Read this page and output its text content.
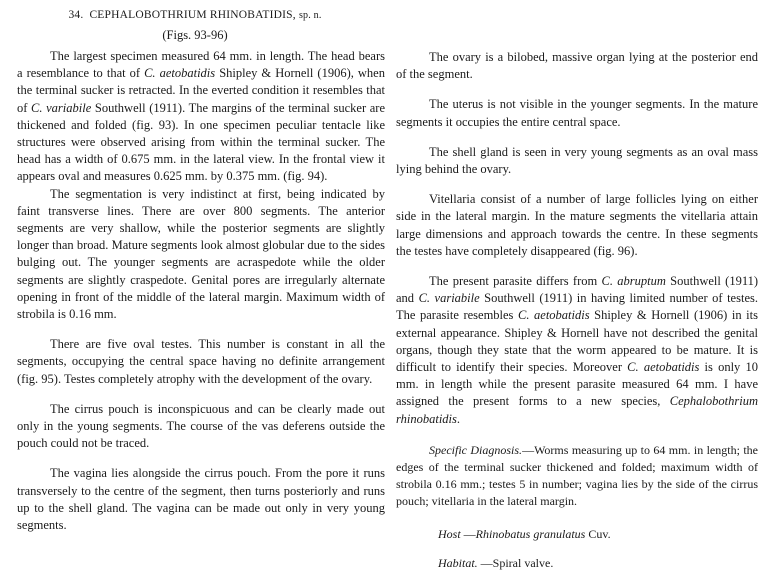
34. CEPHALOBOTHRIUM RHINOBATIDIS, sp. n.
(Figs. 93-96)

The largest specimen measured 64 mm. in length. The head bears a resemblance to that of C. aetobatidis Shipley & Hornell (1906), when the terminal sucker is retracted. In the everted condition it resembles that of C. variabile Southwell (1911). The margins of the terminal sucker are thickened and folded (fig. 93). In one specimen peculiar tentacle like structures were observed arising from within the terminal sucker. The head has a width of 0.675 mm. in the lateral view. In the frontal view it appears oval and measures 0.625 mm. by 0.375 mm. (fig. 94).

The segmentation is very indistinct at first, being indicated by faint transverse lines. There are over 800 segments. The anterior segments are very shallow, while the posterior segments are slightly longer than broad. Mature segments look almost globular due to the sides bulging out. The younger segments are acraspedote while the older segments are slightly craspedote. Genital pores are irregularly alternate opening in front of the middle of the lateral margin. Maximum width of strobila is 0.16 mm.

There are five oval testes. This number is constant in all the segments, occupying the central space having no definite arrangement (fig. 95). Testes completely atrophy with the development of the ovary.

The cirrus pouch is inconspicuous and can be clearly made out only in the young segments. The course of the vas deferens outside the pouch could not be traced.

The vagina lies alongside the cirrus pouch. From the pore it runs transversely to the centre of the segment, then turns posteriorly and runs up to the shell gland. The vagina can be made out only in very young segments.

The ovary is a bilobed, massive organ lying at the posterior end of the segment.

The uterus is not visible in the younger segments. In the mature segments it occupies the entire central space.

The shell gland is seen in very young segments as an oval mass lying behind the ovary.

Vitellaria consist of a number of large follicles lying on either side in the lateral margin. In the mature segments the vitellaria attain large dimensions and approach towards the centre. In these segments the testes have completely disappeared (fig. 96).

The present parasite differs from C. abruptum Southwell (1911) and C. variabile Southwell (1911) in having limited number of testes. The parasite resembles C. aetobatidis Shipley & Hornell (1906) in its external appearance. Shipley & Hornell have not described the genital organs, though they state that the worm appeared to be mature. It is difficult to identify their species. Moreover C. aetobatidis is only 10 mm. in length while the present parasite measured 64 mm. I have assigned the present forms to a new species, Cephalobothrium rhinobatidis.

Specific Diagnosis.—Worms measuring up to 64 mm. in length; the edges of the terminal sucker thickened and folded; maximum width of strobila 0.16 mm.; testes 5 in number; vagina lies by the side of the cirrus pouch; vitellaria in the lateral margin.

Host —Rhinobatus granulatus Cuv.

Habitat. —Spiral valve.
